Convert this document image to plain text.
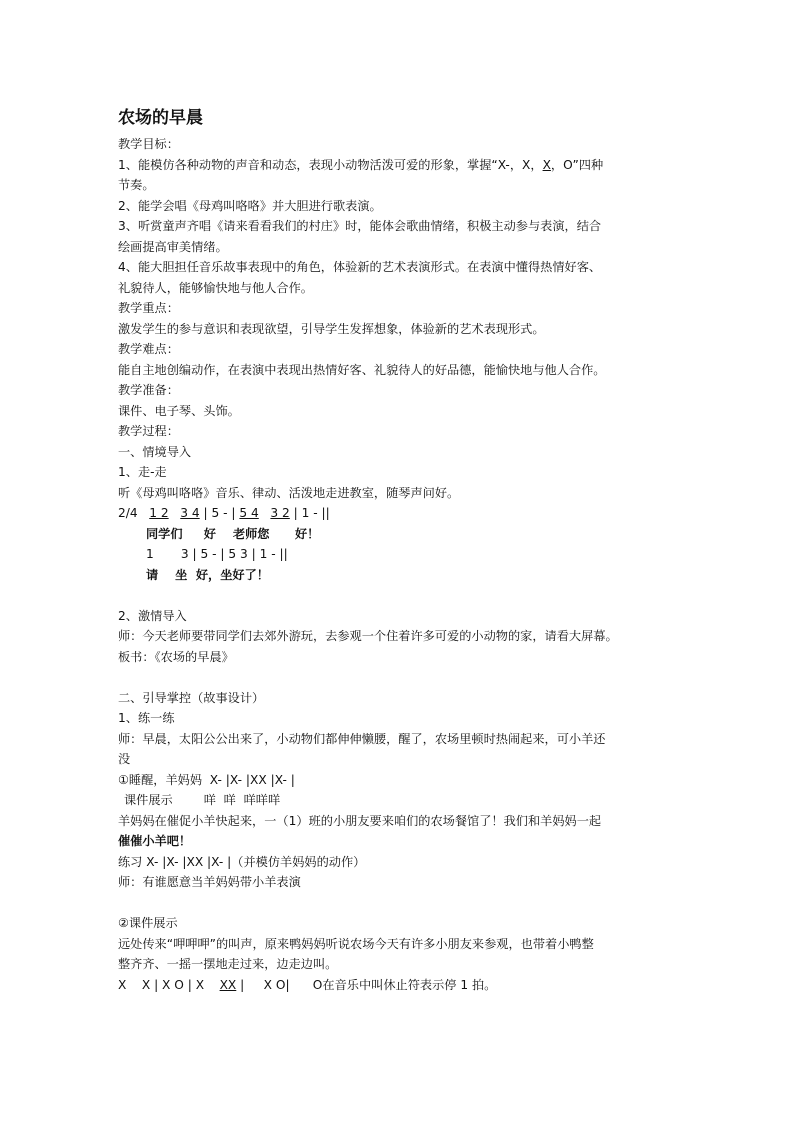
农场的早晨
教学目标：
1、能模仿各种动物的声音和动态，表现小动物活泼可爱的形象，掌握“X-，X，X，O”四种
节奏。
2、能学会唱《母鸡叫咯咯》并大胆进行歌表演。
3、听赏童声齐唱《请来看看我们的村庄》时，能体会歌曲情绪，积极主动参与表演，结合
绘画提高审美情绪。
4、能大胆担任音乐故事表现中的角色，体验新的艺术表演形式。在表演中懂得热情好客、
礼貌待人，能够愉快地与他人合作。
教学重点：
激发学生的参与意识和表现欲望，引导学生发挥想象，体验新的艺术表现形式。
教学难点：
能自主地创编动作，在表演中表现出热情好客、礼貌待人的好品德，能愉快地与他人合作。
教学准备：
课件、电子琴、头饰。
教学过程：
一、情境导入
1、走-走
听《母鸡叫咯咯》音乐、律动、活泼地走进教室，随琴声问好。
2/4 1 2 3 4 | 5 - | 5 4 3 2 | 1 - ||
同学们     好    老师您      好！
1       3 | 5 - | 5 3 | 1 - ||
请    坐  好，坐好了！
2、激情导入
师：今天老师要带同学们去郊外游玩，去参观一个住着许多可爱的小动物的家，请看大屏幕。
板书：《农场的早晨》
二、引导掌控（故事设计）
1、练一练
师：早晨，太阳公公出来了，小动物们都伸伸懒腰，醒了，农场里顿时热闹起来，可小羊还
没
①睡醒，羊妈妈  X- |X- |XX |X- |
课件展示        咩  咩  咩咩咩
羊妈妈在催促小羊快起来，一（1）班的小朋友要来咱们的农场餐馆了！我们和羊妈妈一起
催催小羊吧！
练习 X- |X- |XX |X- |（并模仿羊妈妈的动作）
师：有谁愿意当羊妈妈带小羊表演
②课件展示
远处传来“呷呷呷”的叫声，原来鸭妈妈听说农场今天有许多小朋友来参观，也带着小鸭整
整齐齐、一摇一摆地走过来，边走边叫。
X    X | X O | X    XX |     X O|      O在音乐中叫休止符表示停 1 拍。
